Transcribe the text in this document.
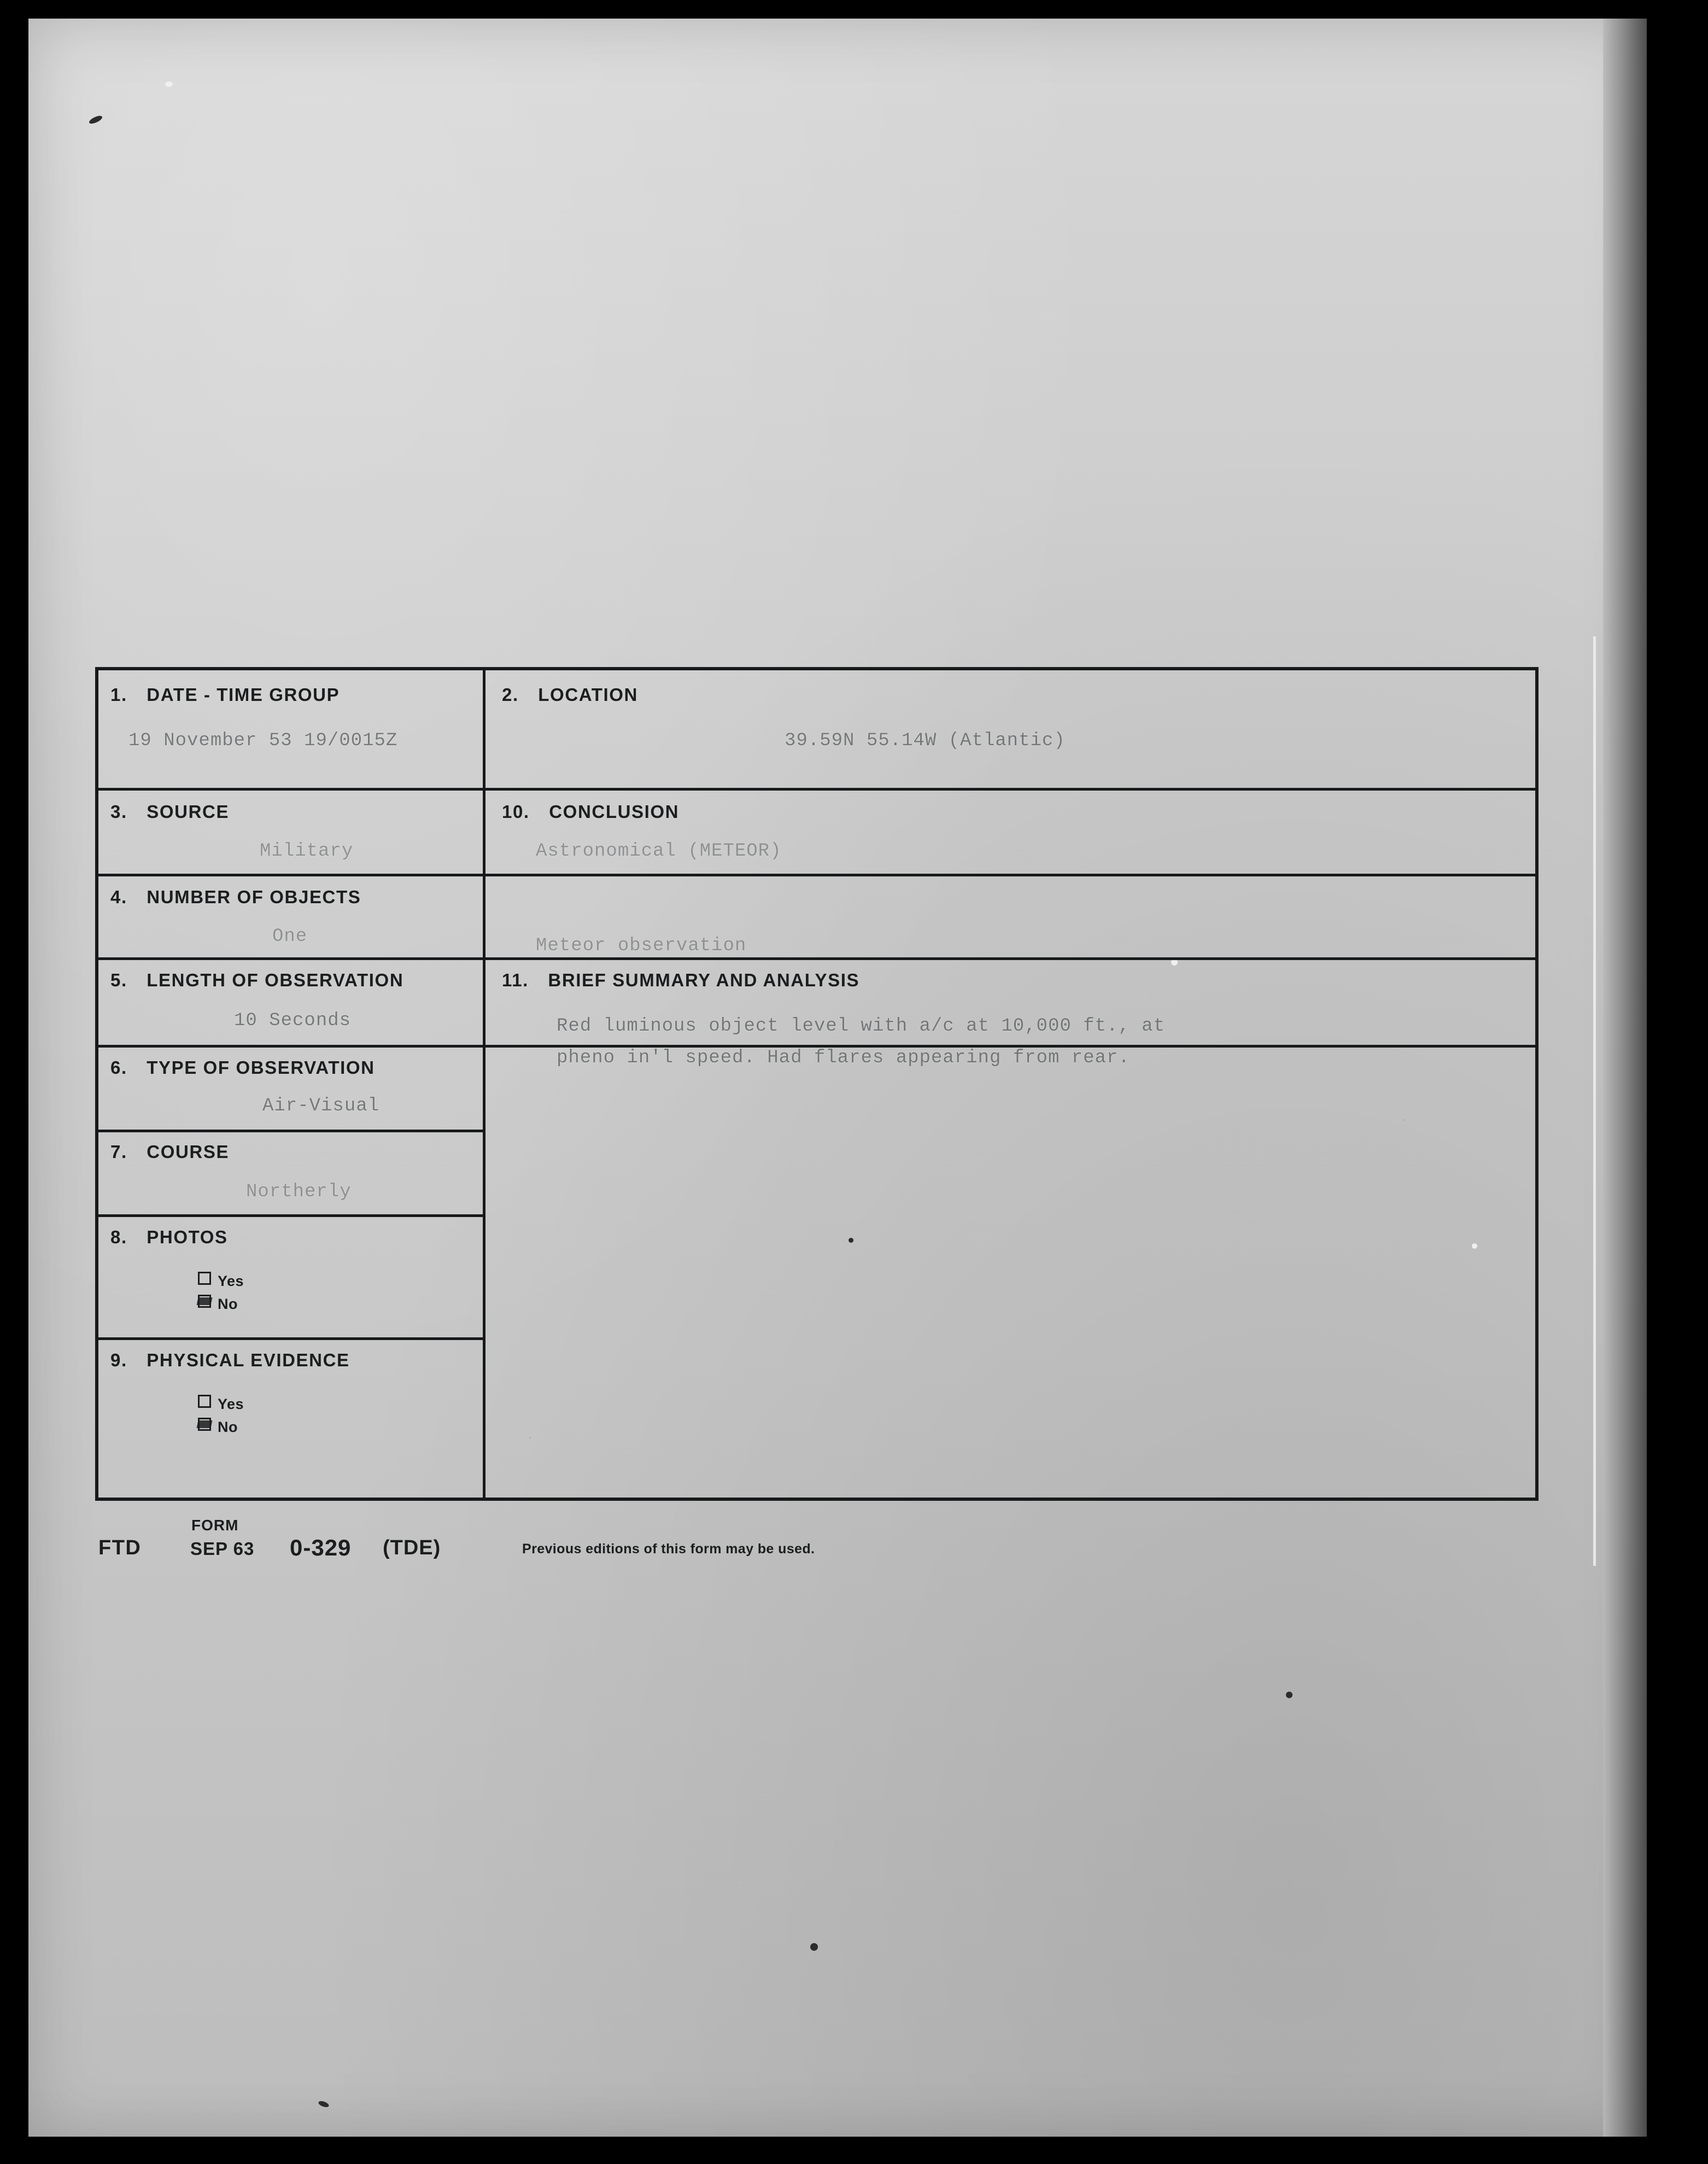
1. DATE - TIME GROUP
19 November 53 19/0015Z
2. LOCATION
39.59N 55.14W (Atlantic)
3. SOURCE
Military
10. CONCLUSION
Astronomical (METEOR)
Meteor observation
4. NUMBER OF OBJECTS
One
5. LENGTH OF OBSERVATION
10 Seconds
11. BRIEF SUMMARY AND ANALYSIS
Red luminous object level with a/c at 10,000 ft., at
pheno in'l speed. Had flares appearing from rear.
6. TYPE OF OBSERVATION
Air-Visual
7. COURSE
Northerly
8. PHOTOS
Yes
No
9. PHYSICAL EVIDENCE
Yes
No
FORM
FTD	SEP 63 0-329 (TDE)	Previous editions of this form may be used.
